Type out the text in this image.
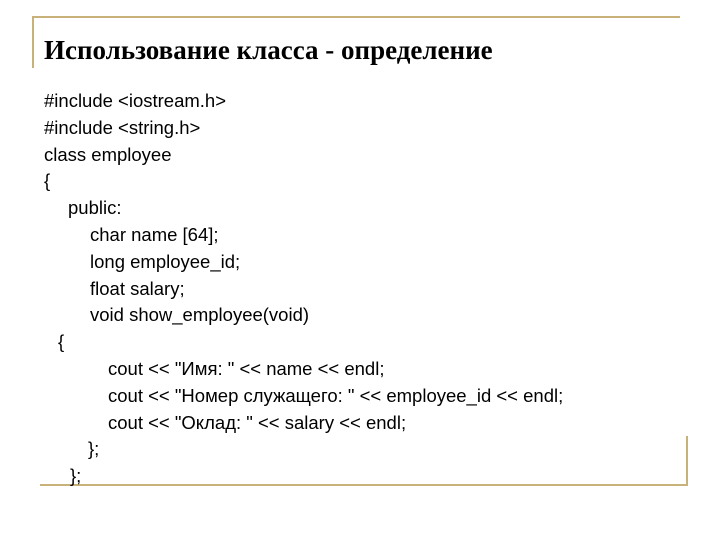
Использование класса - определение
#include <iostream.h>
#include <string.h>
class employee
{
public:
char name [64];
long employee_id;
float salary;
void show_employee(void)
{
cout << "Имя: " << name << endl;
cout << "Номер служащего: " << employee_id << endl;
cout << "Оклад: " << salary << endl;
};
};
